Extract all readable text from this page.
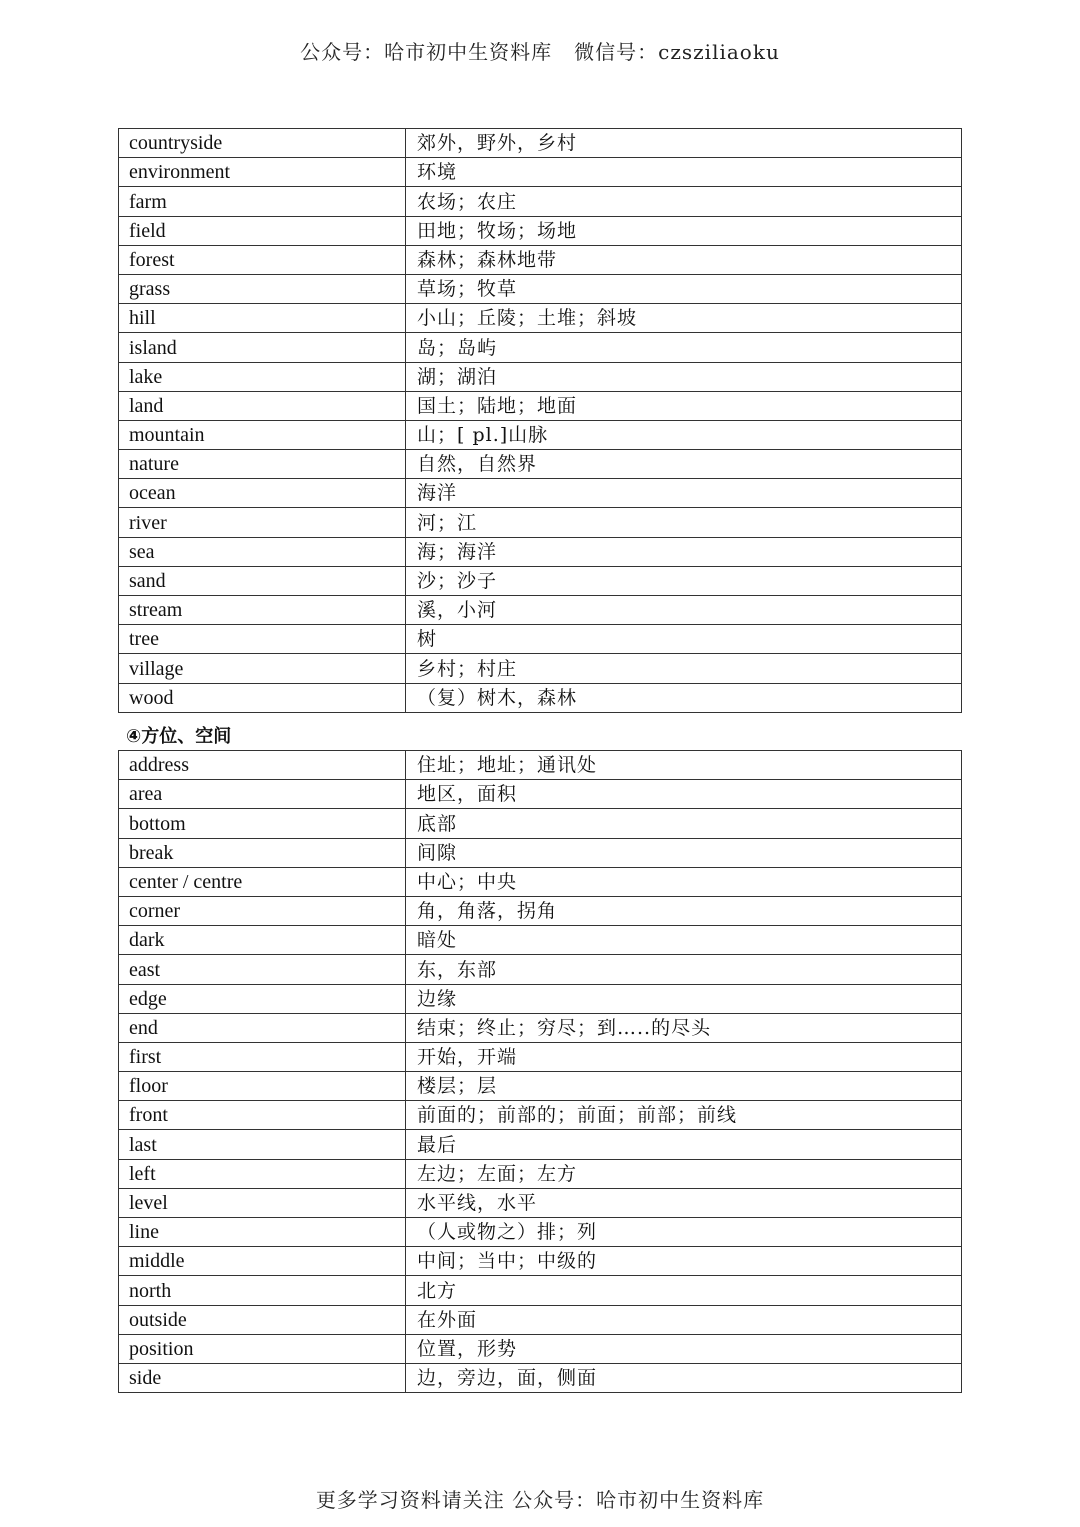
公众号：哈市初中生资料库 微信号：czsziliaoku
countryside	郊外，野外，乡村
environment	环境
farm	农场；农庄
field	田地；牧场；场地
forest	森林；森林地带
grass	草场；牧草
hill	小山；丘陵；土堆；斜坡
island	岛；岛屿
lake	湖；湖泊
land	国土；陆地；地面
mountain	山；[ pl.]山脉
nature	自然，自然界
ocean	海洋
river	河；江
sea	海；海洋
sand	沙；沙子
stream	溪，小河
tree	树
village	乡村；村庄
wood	（复）树木，森林
④方位、空间
address	住址；地址；通讯处
area	地区，面积
bottom	底部
break	间隙
center / centre	中心；中央
corner	角，角落，拐角
dark	暗处
east	东，东部
edge	边缘
end	结束；终止；穷尽；到…..的尽头
first	开始，开端
floor	楼层；层
front	前面的；前部的；前面；前部；前线
last	最后
left	左边；左面；左方
level	水平线，水平
line	（人或物之）排；列
middle	中间；当中；中级的
north	北方
outside	在外面
position	位置，形势
side	边，旁边，面，侧面
更多学习资料请关注 公众号：哈市初中生资料库
